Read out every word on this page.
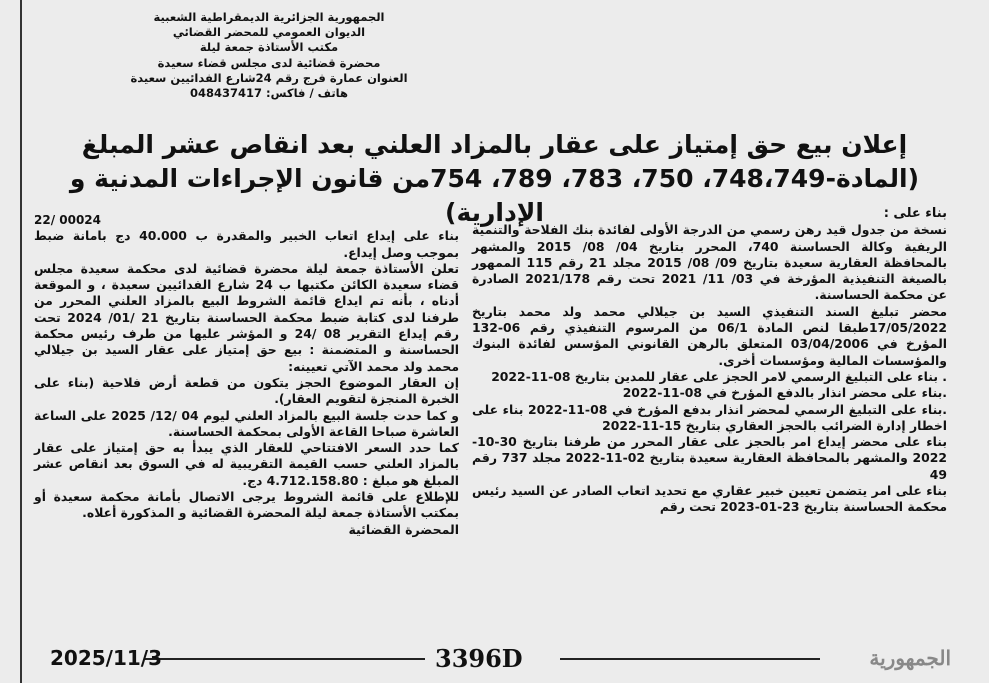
الجمهورية الجزائرية الديمقراطية الشعبية
الديوان العمومي للمحضر القضائي
مكتب الأستاذة جمعة ليلة
محضرة قضائية لدى مجلس قضاء سعيدة
العنوان عمارة فرج رقم 24شارع الفدائيين سعيدة
هاتف / فاكس: 048437417
إعلان بيع حق إمتياز على عقار بالمزاد العلني بعد انقاص عشر المبلغ
(المادة-748،749، 750، 783، 789، 754من قانون الإجراءات المدنية و الإدارية)	بناء على :

نسخة من جدول قيد رهن رسمي من الدرجة الأولى لفائدة بنك الفلاحة والتنمية الريفية وكالة الحساسنة 740، المحرر بتاريخ 04/ 08/ 2015 والمشهر بالمحافظة العقارية سعيدة بتاريخ 09/ 08/ 2015 مجلد 21 رقم 115 الممهور بالصيغة التنفيذية المؤرخة في 03/ 11/ 2021 تحت رقم 2021/178 الصادرة عن محكمة الحساسنة.

محضر تبليغ السند التنفيذي السيد بن جيلالي محمد ولد محمد بتاريخ 17/05/2022طبقا لنص المادة 06/1 من المرسوم التنفيذي رقم 06-132 المؤرخ في 03/04/2006 المتعلق بالرهن القانوني المؤسس لفائدة البنوك والمؤسسات المالية ومؤسسات أخرى.

. بناء على التبليغ الرسمي لامر الحجز على عقار للمدين بتاريخ 08-11-2022

.بناء على محضر انذار بالدفع المؤرخ في 08-11-2022

.بناء على التبليغ الرسمي لمحضر انذار بدفع المؤرخ في 08-11-2022 بناء على اخطار إدارة الضرائب بالحجز العقاري بتاريخ 15-11-2022

بناء على محضر إيداع امر بالحجز على عقار المحرر من طرفنا بتاريخ 30-10-2022 والمشهر بالمحافظة العقارية سعيدة بتاريخ 02-11-2022 مجلد 737 رقم 49

بناء على امر يتضمن تعيين خبير عقاري مع تحديد اتعاب الصادر عن السيد رئيس محكمة الحساسنة بتاريخ 23-01-2023 تحت رقم

22/ 00024

بناء على إيداع اتعاب الخبير والمقدرة ب 40.000 دج بامانة ضبط بموجب وصل إيداع.

تعلن الأستاذة جمعة ليلة محضرة قضائية لدى محكمة سعيدة مجلس قضاء سعيدة الكائن مكتبها ب 24 شارع الفدائيين سعيدة ، و الموقعة أدناه ، بأنه تم ايداع قائمة الشروط البيع بالمزاد العلني المحرر من طرفنا لدى كتابة ضبط محكمة الحساسنة بتاريخ 21 /01/ 2024 تحت رقم إيداع التقرير 08 /24 و المؤشر عليها من طرف رئيس محكمة الحساسنة و المتضمنة : بيع حق إمتياز على عقار السيد بن جيلالي محمد ولد محمد الآتي تعيينه:

إن العقار الموضوع الحجز يتكون من قطعة أرض فلاحية (بناء على الخبرة المنجزة لتقويم العقار).

و كما حدت جلسة البيع بالمزاد العلني ليوم 04 /12/ 2025 على الساعة العاشرة صباحا القاعة الأولى بمحكمة الحساسنة.

كما حدد السعر الافتتاحي للعقار الذي يبدأ به حق إمتياز على عقار بالمزاد العلني حسب القيمة التقريبية له في السوق بعد انقاص عشر المبلغ هو مبلغ : 4.712.158.80 دج.

للإطلاع على قائمة الشروط يرجى الاتصال بأمانة محكمة سعيدة أو بمكتب الأستاذة جمعة ليلة المحضرة القضائية و المذكورة أعلاه.

المحضرة القضائية

2025/11/3	3396D	الجمهورية
